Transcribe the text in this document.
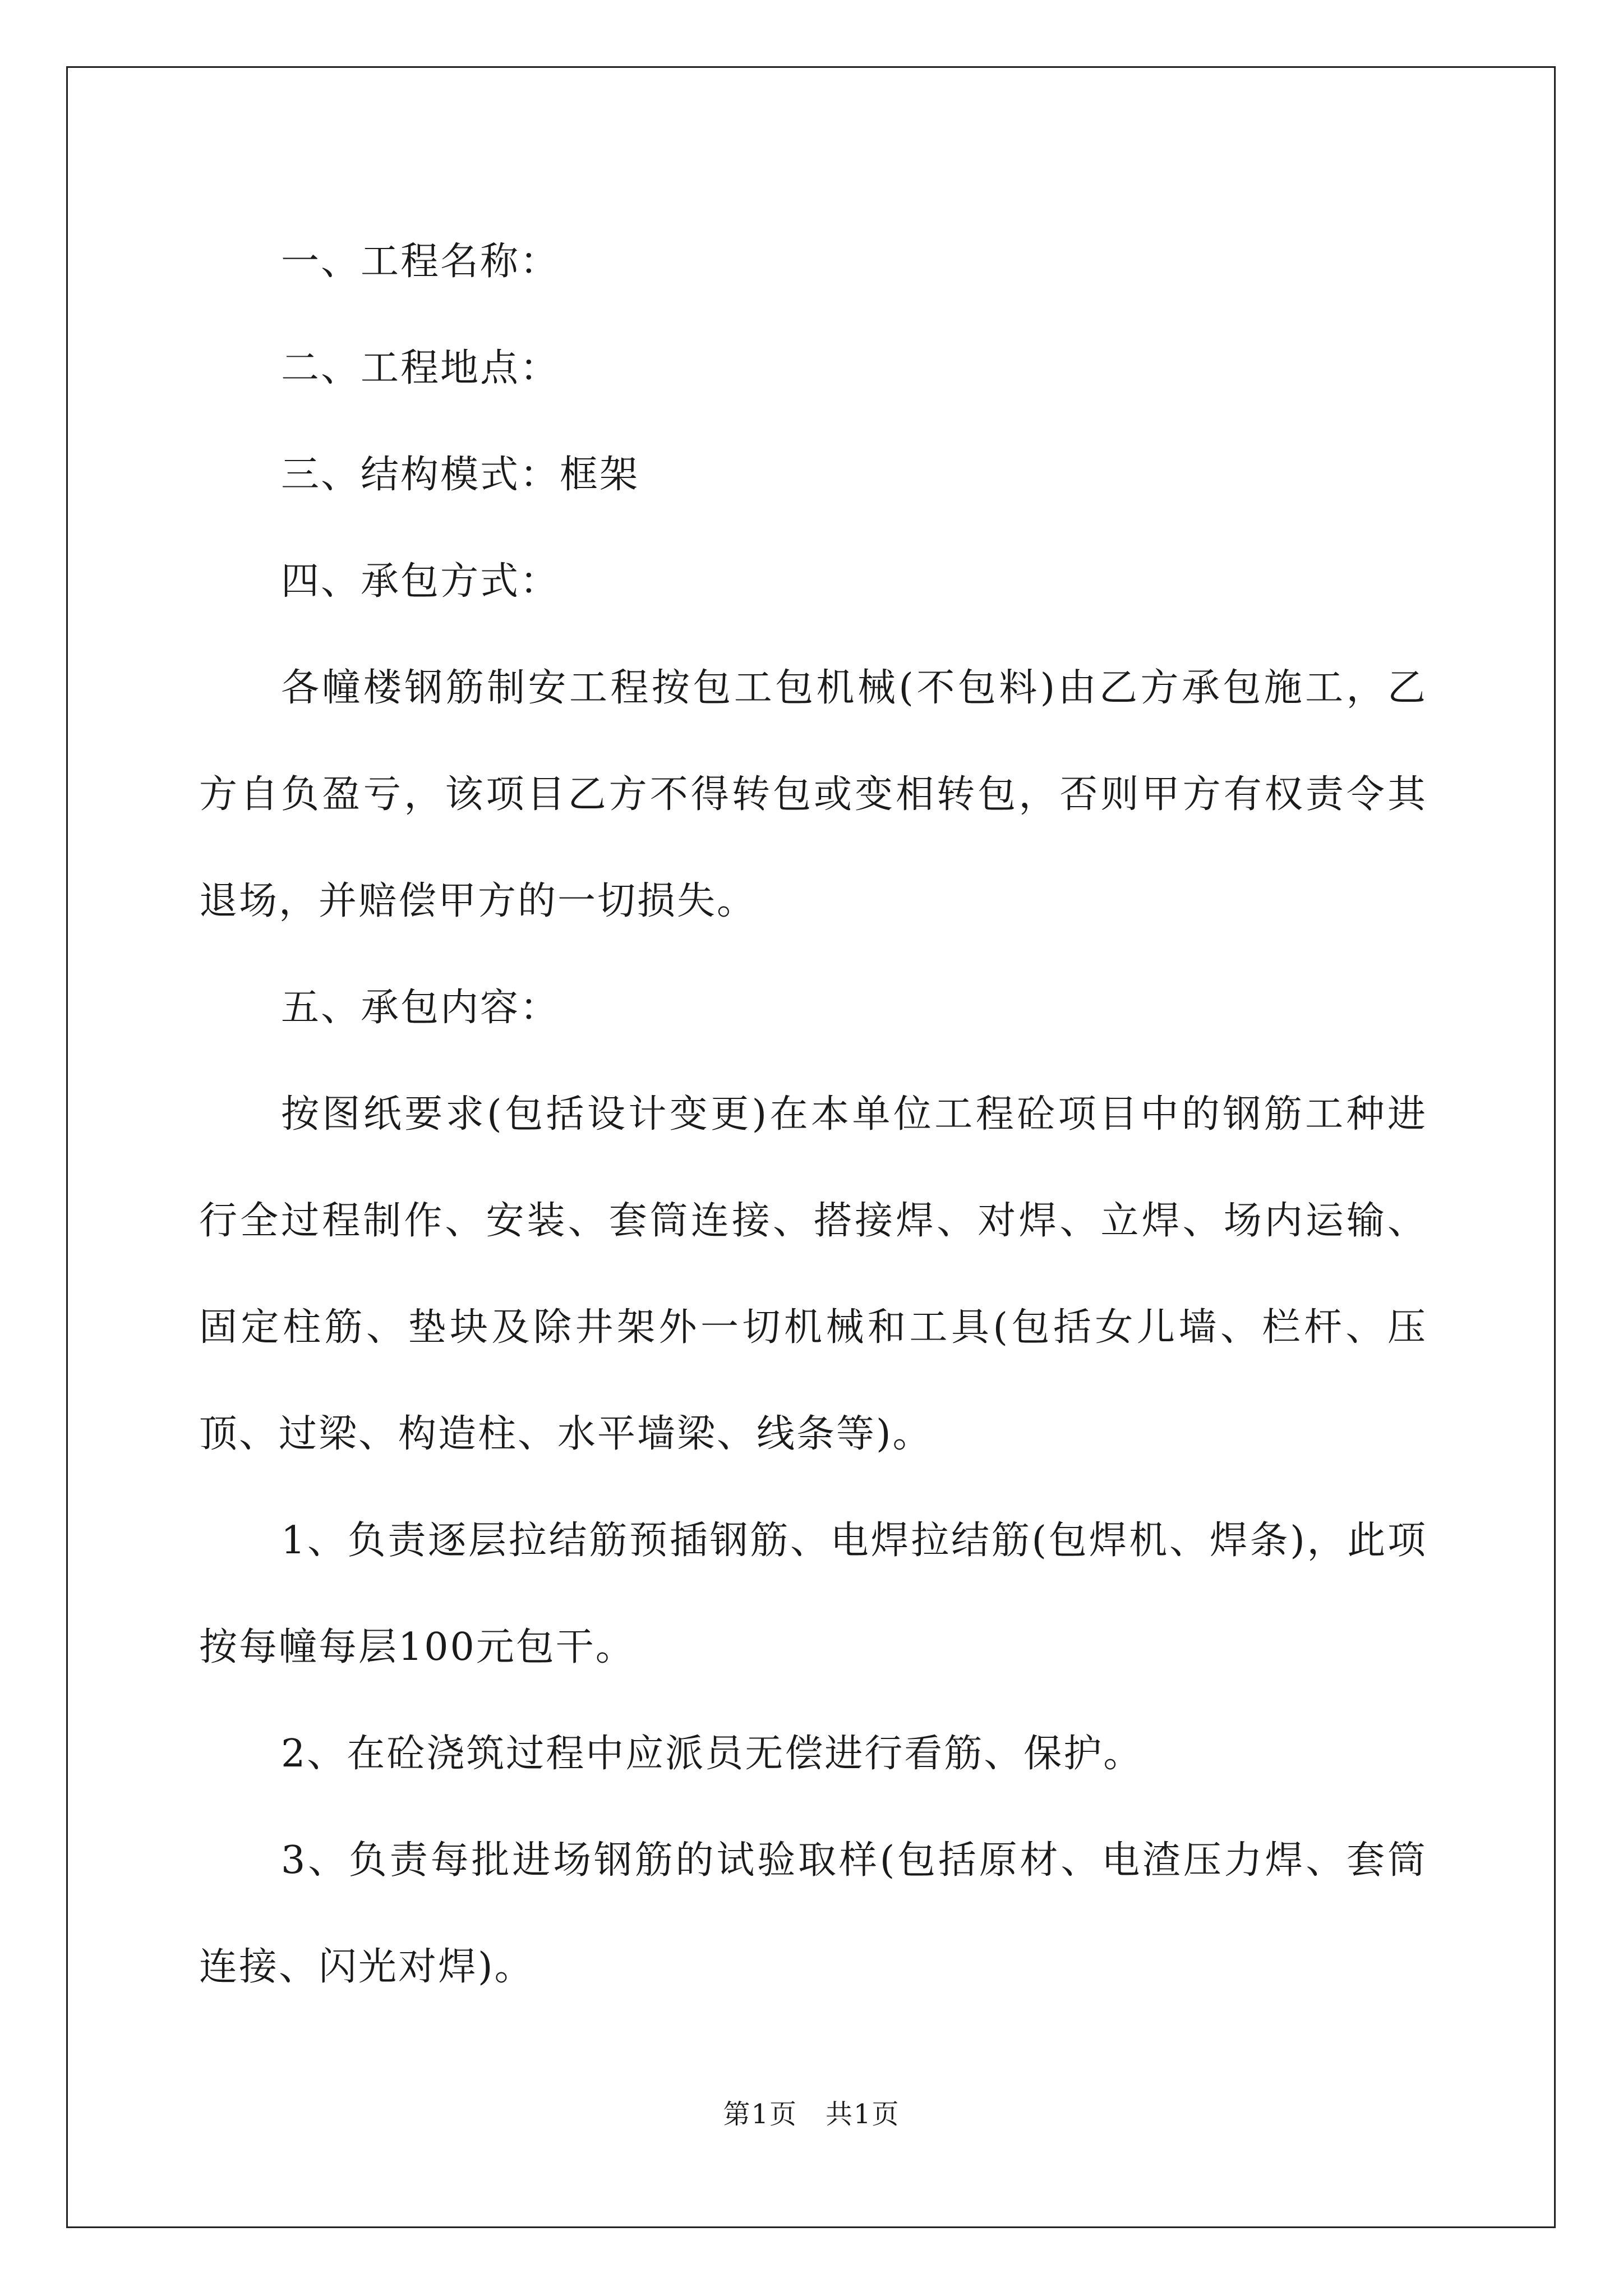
一、工程名称：

二、工程地点：

三、结构模式：框架

四、承包方式：

各幢楼钢筋制安工程按包工包机械(不包料)由乙方承包施工，乙方自负盈亏，该项目乙方不得转包或变相转包，否则甲方有权责令其退场，并赔偿甲方的一切损失。

五、承包内容：

按图纸要求(包括设计变更)在本单位工程砼项目中的钢筋工种进行全过程制作、安装、套筒连接、搭接焊、对焊、立焊、场内运输、固定柱筋、垫块及除井架外一切机械和工具(包括女儿墙、栏杆、压顶、过梁、构造柱、水平墙梁、线条等)。

1、负责逐层拉结筋预插钢筋、电焊拉结筋(包焊机、焊条)，此项按每幢每层100元包干。

2、在砼浇筑过程中应派员无偿进行看筋、保护。

3、负责每批进场钢筋的试验取样(包括原材、电渣压力焊、套筒连接、闪光对焊)。

第1页　共1页
